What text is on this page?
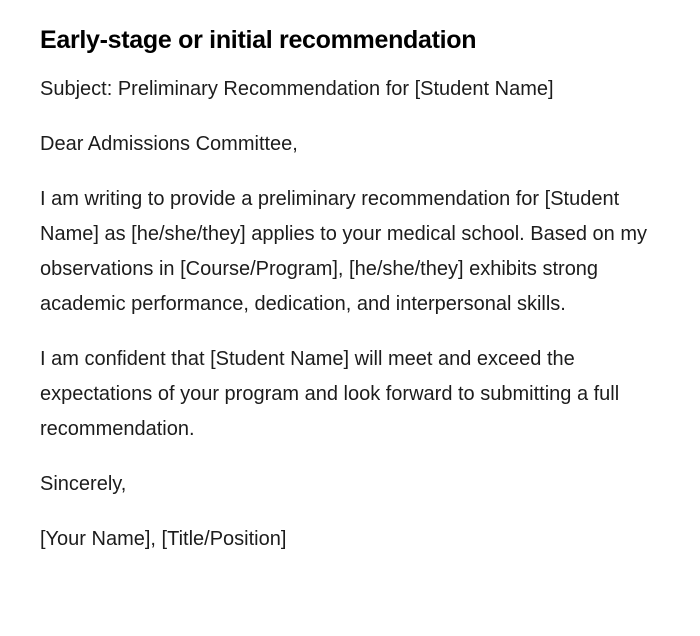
Early-stage or initial recommendation

Subject: Preliminary Recommendation for [Student Name]

Dear Admissions Committee,

I am writing to provide a preliminary recommendation for [Student Name] as [he/she/they] applies to your medical school. Based on my observations in [Course/Program], [he/she/they] exhibits strong academic performance, dedication, and interpersonal skills.

I am confident that [Student Name] will meet and exceed the expectations of your program and look forward to submitting a full recommendation.

Sincerely,

[Your Name], [Title/Position]
